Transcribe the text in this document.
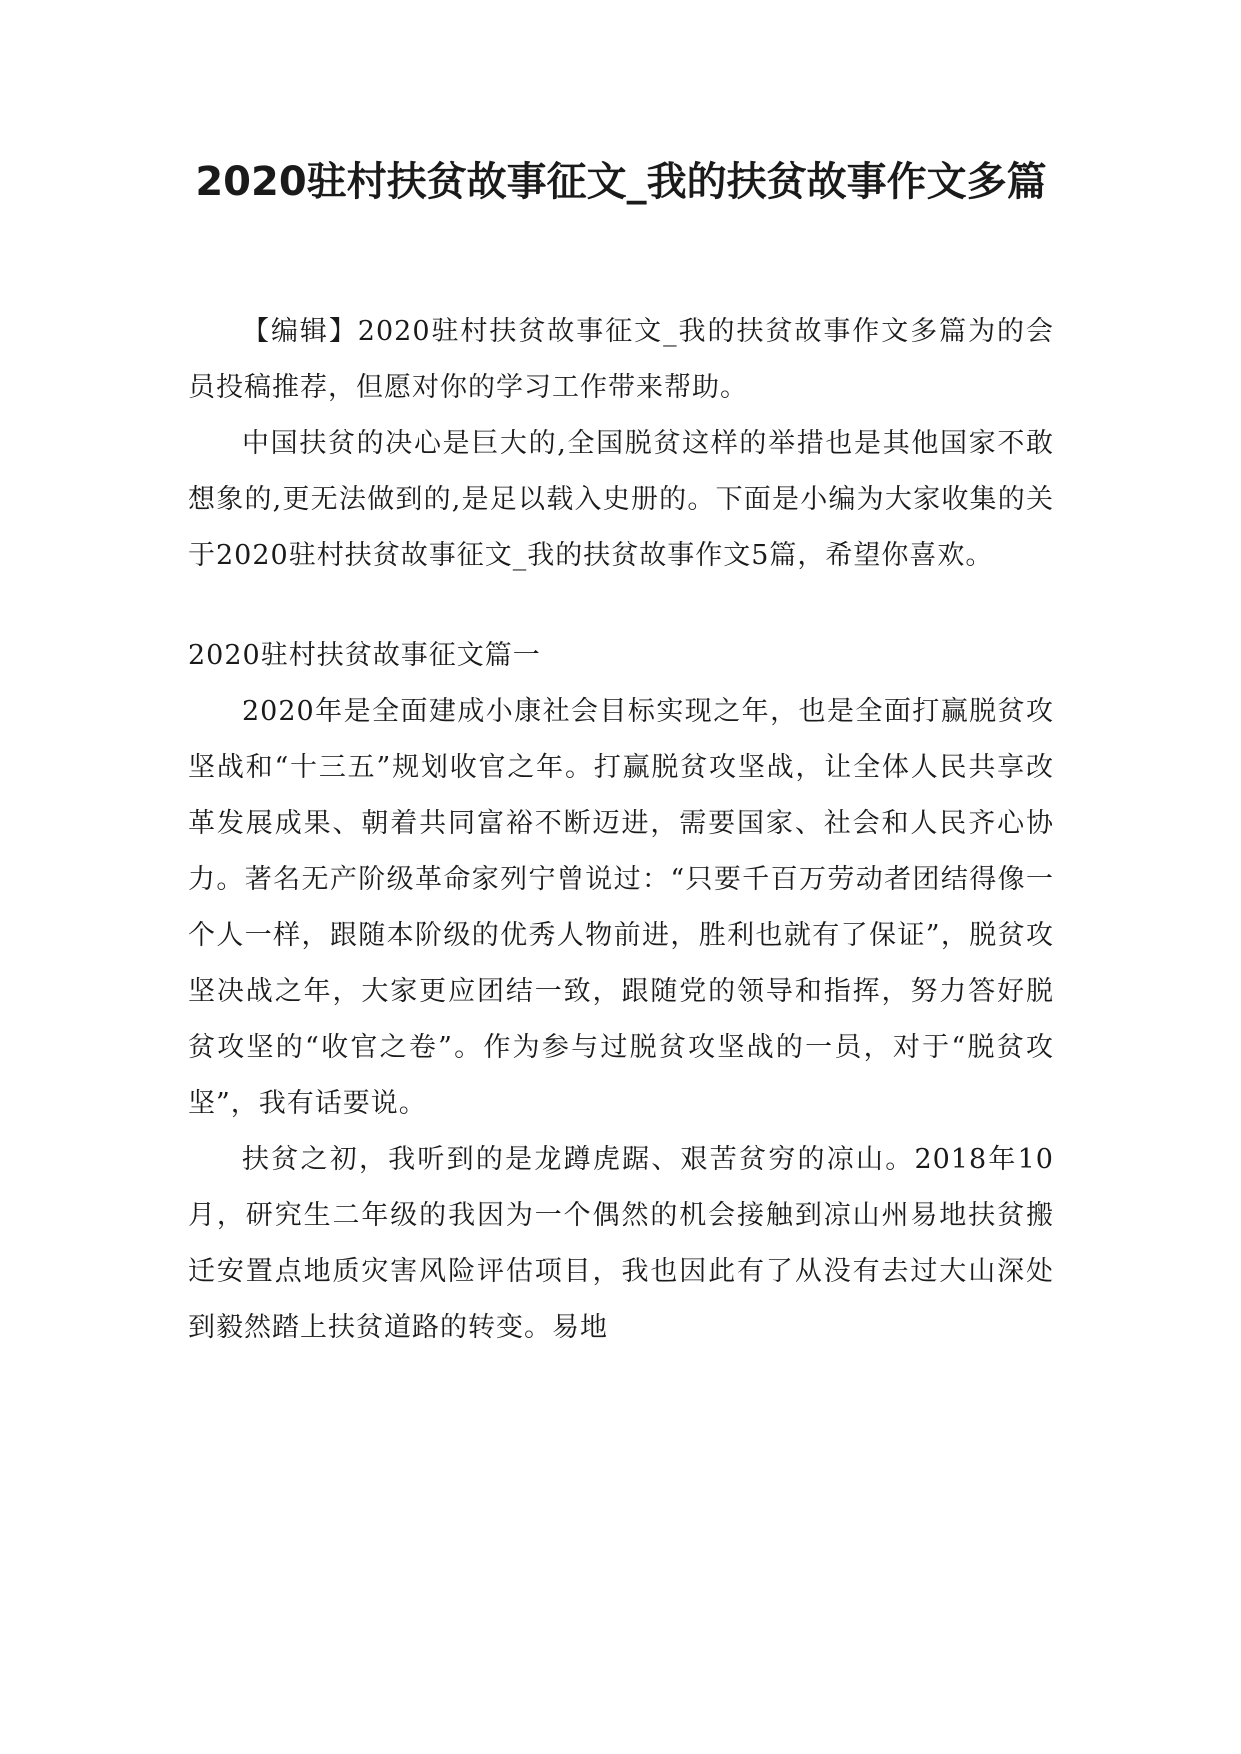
2020驻村扶贫故事征文_我的扶贫故事作文多篇

【编辑】2020驻村扶贫故事征文_我的扶贫故事作文多篇为的会员投稿推荐，但愿对你的学习工作带来帮助。

中国扶贫的决心是巨大的,全国脱贫这样的举措也是其他国家不敢想象的,更无法做到的,是足以载入史册的。下面是小编为大家收集的关于2020驻村扶贫故事征文_我的扶贫故事作文5篇，希望你喜欢。

2020驻村扶贫故事征文篇一

2020年是全面建成小康社会目标实现之年，也是全面打赢脱贫攻坚战和“十三五”规划收官之年。打赢脱贫攻坚战，让全体人民共享改革发展成果、朝着共同富裕不断迈进，需要国家、社会和人民齐心协力。著名无产阶级革命家列宁曾说过：“只要千百万劳动者团结得像一个人一样，跟随本阶级的优秀人物前进，胜利也就有了保证”，脱贫攻坚决战之年，大家更应团结一致，跟随党的领导和指挥，努力答好脱贫攻坚的“收官之卷”。作为参与过脱贫攻坚战的一员，对于“脱贫攻坚”，我有话要说。

扶贫之初，我听到的是龙蹲虎踞、艰苦贫穷的凉山。2018年10月，研究生二年级的我因为一个偶然的机会接触到凉山州易地扶贫搬迁安置点地质灾害风险评估项目，我也因此有了从没有去过大山深处到毅然踏上扶贫道路的转变。易地
